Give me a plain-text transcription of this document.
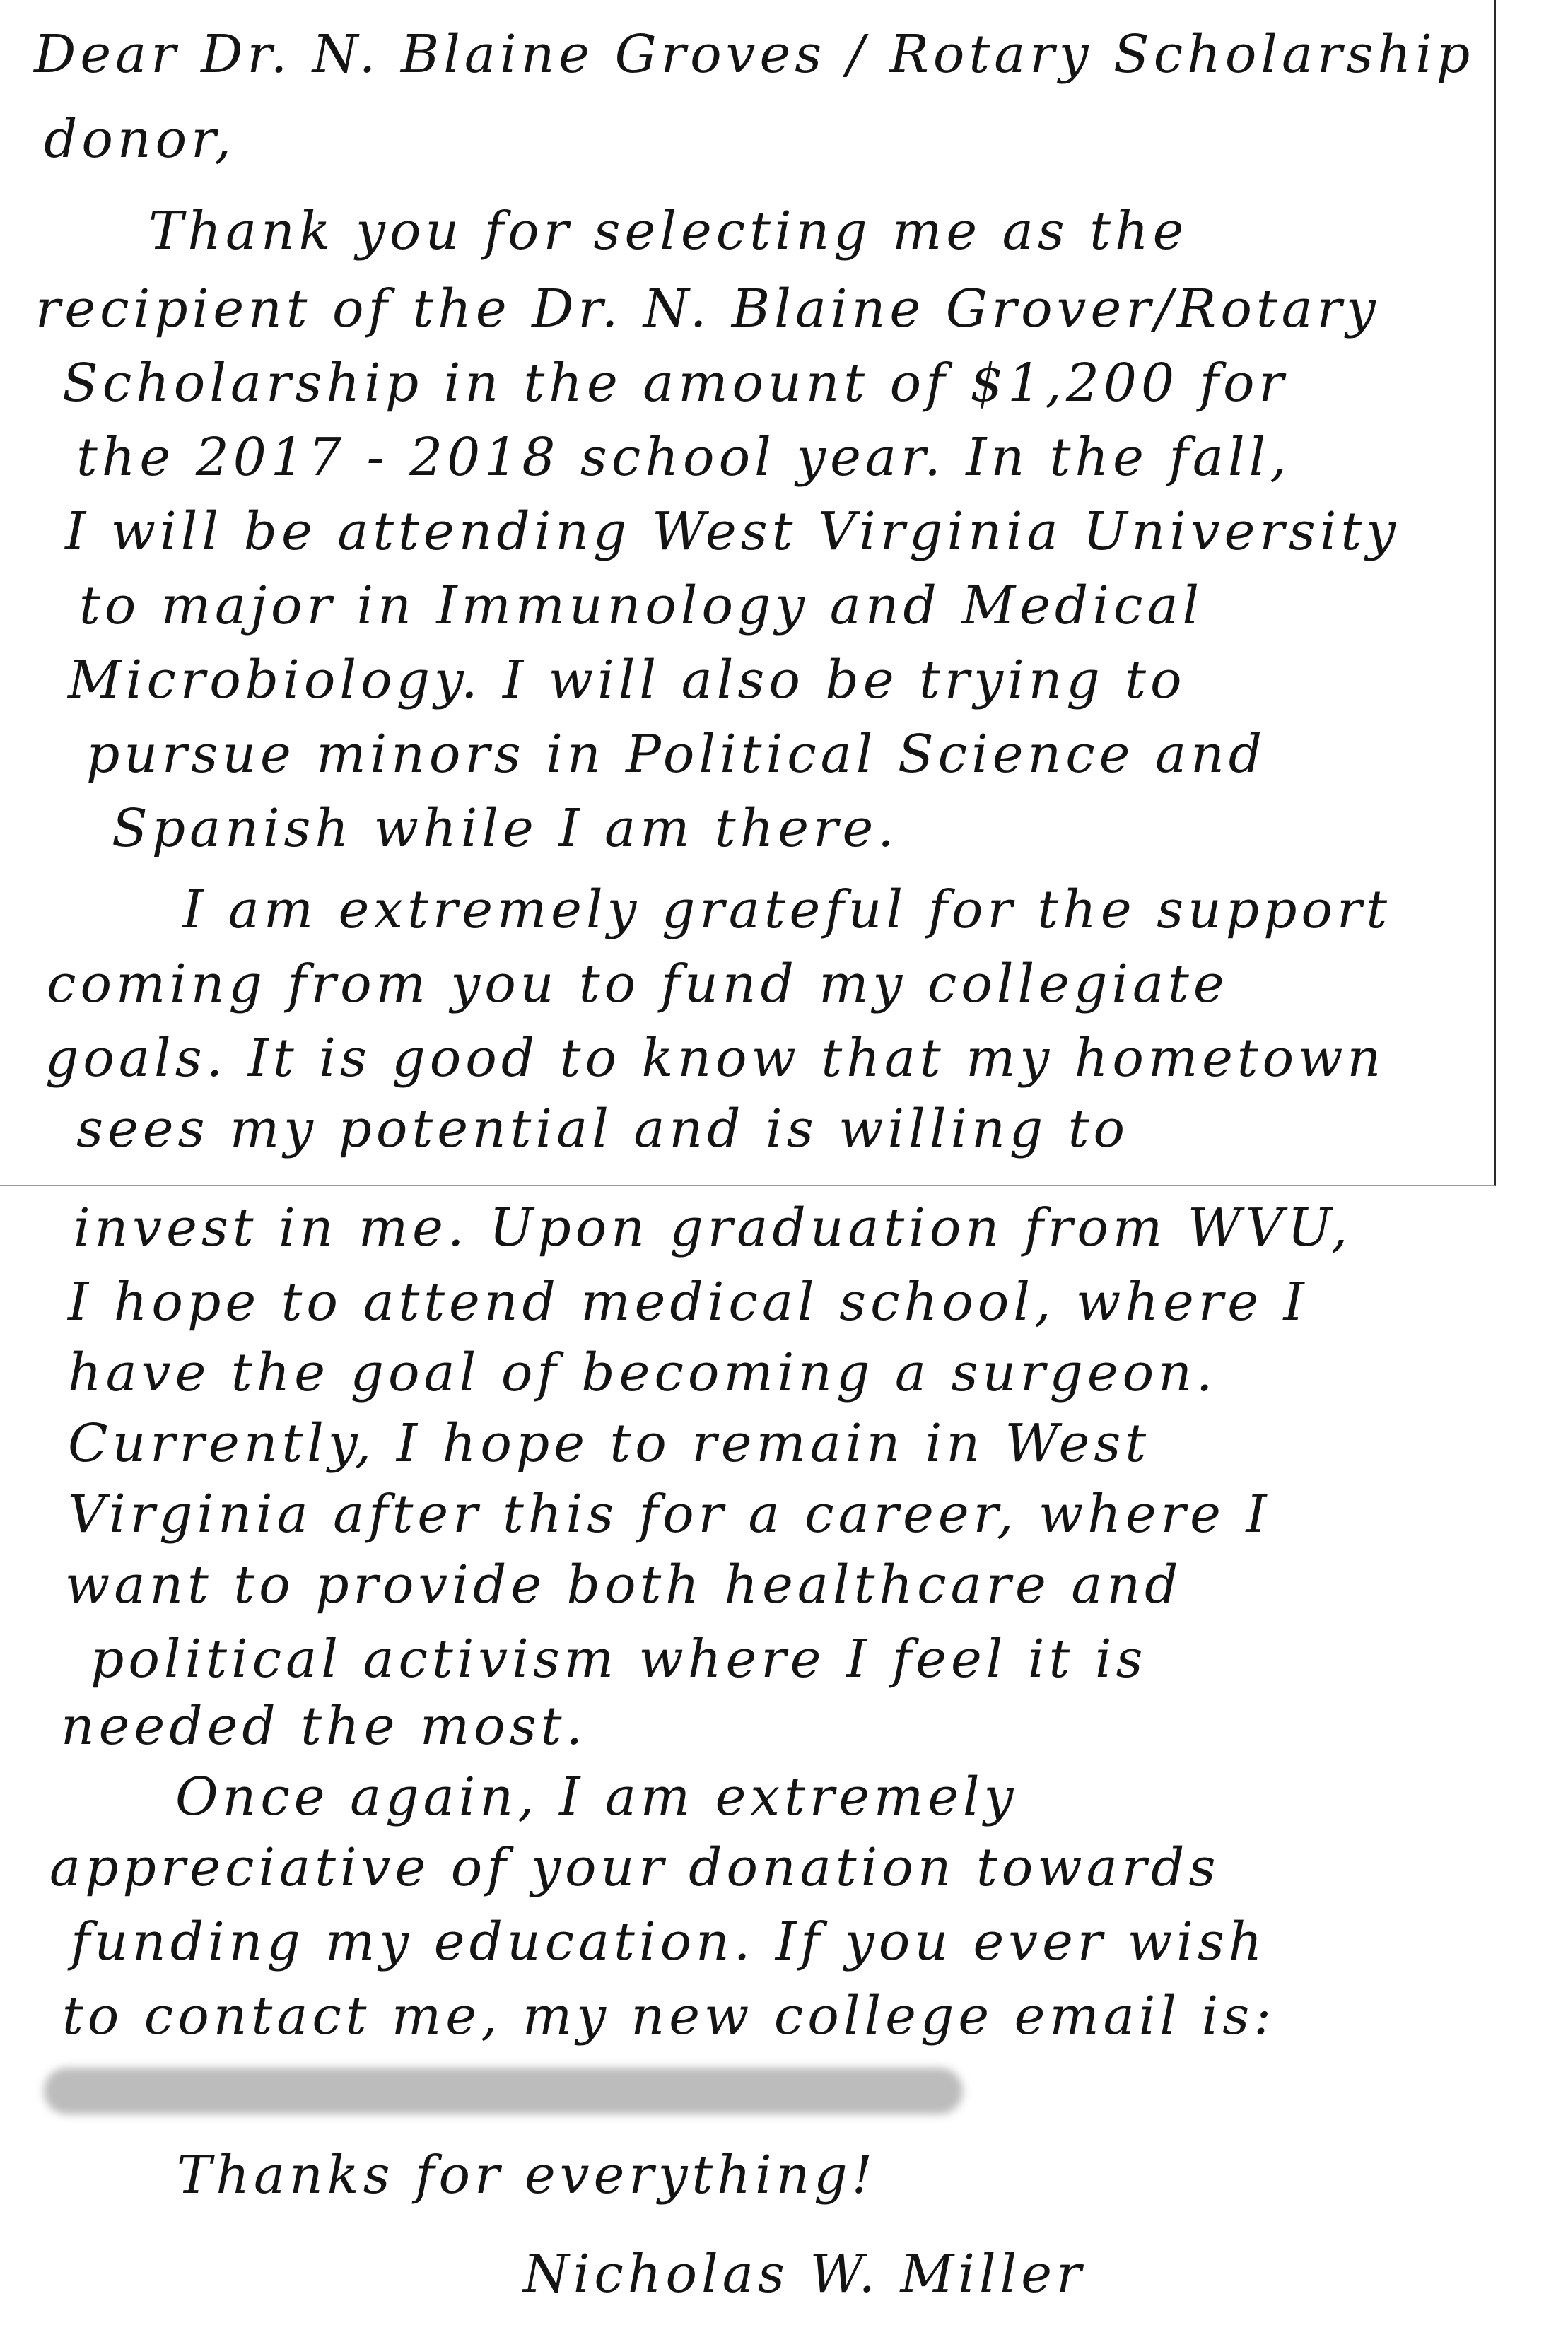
Dear Dr. N. Blaine Groves / Rotary Scholarship
donor,
Thank you for selecting me as the
recipient of the Dr. N. Blaine Grover/Rotary
Scholarship in the amount of $1,200 for
the 2017 - 2018 school year. In the fall,
I will be attending West Virginia University
to major in Immunology and Medical
Microbiology. I will also be trying to
pursue minors in Political Science and
Spanish while I am there.
I am extremely grateful for the support
coming from you to fund my collegiate
goals. It is good to know that my hometown
sees my potential and is willing to
invest in me. Upon graduation from WVU,
I hope to attend medical school, where I
have the goal of becoming a surgeon.
Currently, I hope to remain in West
Virginia after this for a career, where I
want to provide both healthcare and
political activism where I feel it is
needed the most.
Once again, I am extremely
appreciative of your donation towards
funding my education. If you ever wish
to contact me, my new college email is:
Thanks for everything!
Nicholas W. Miller
